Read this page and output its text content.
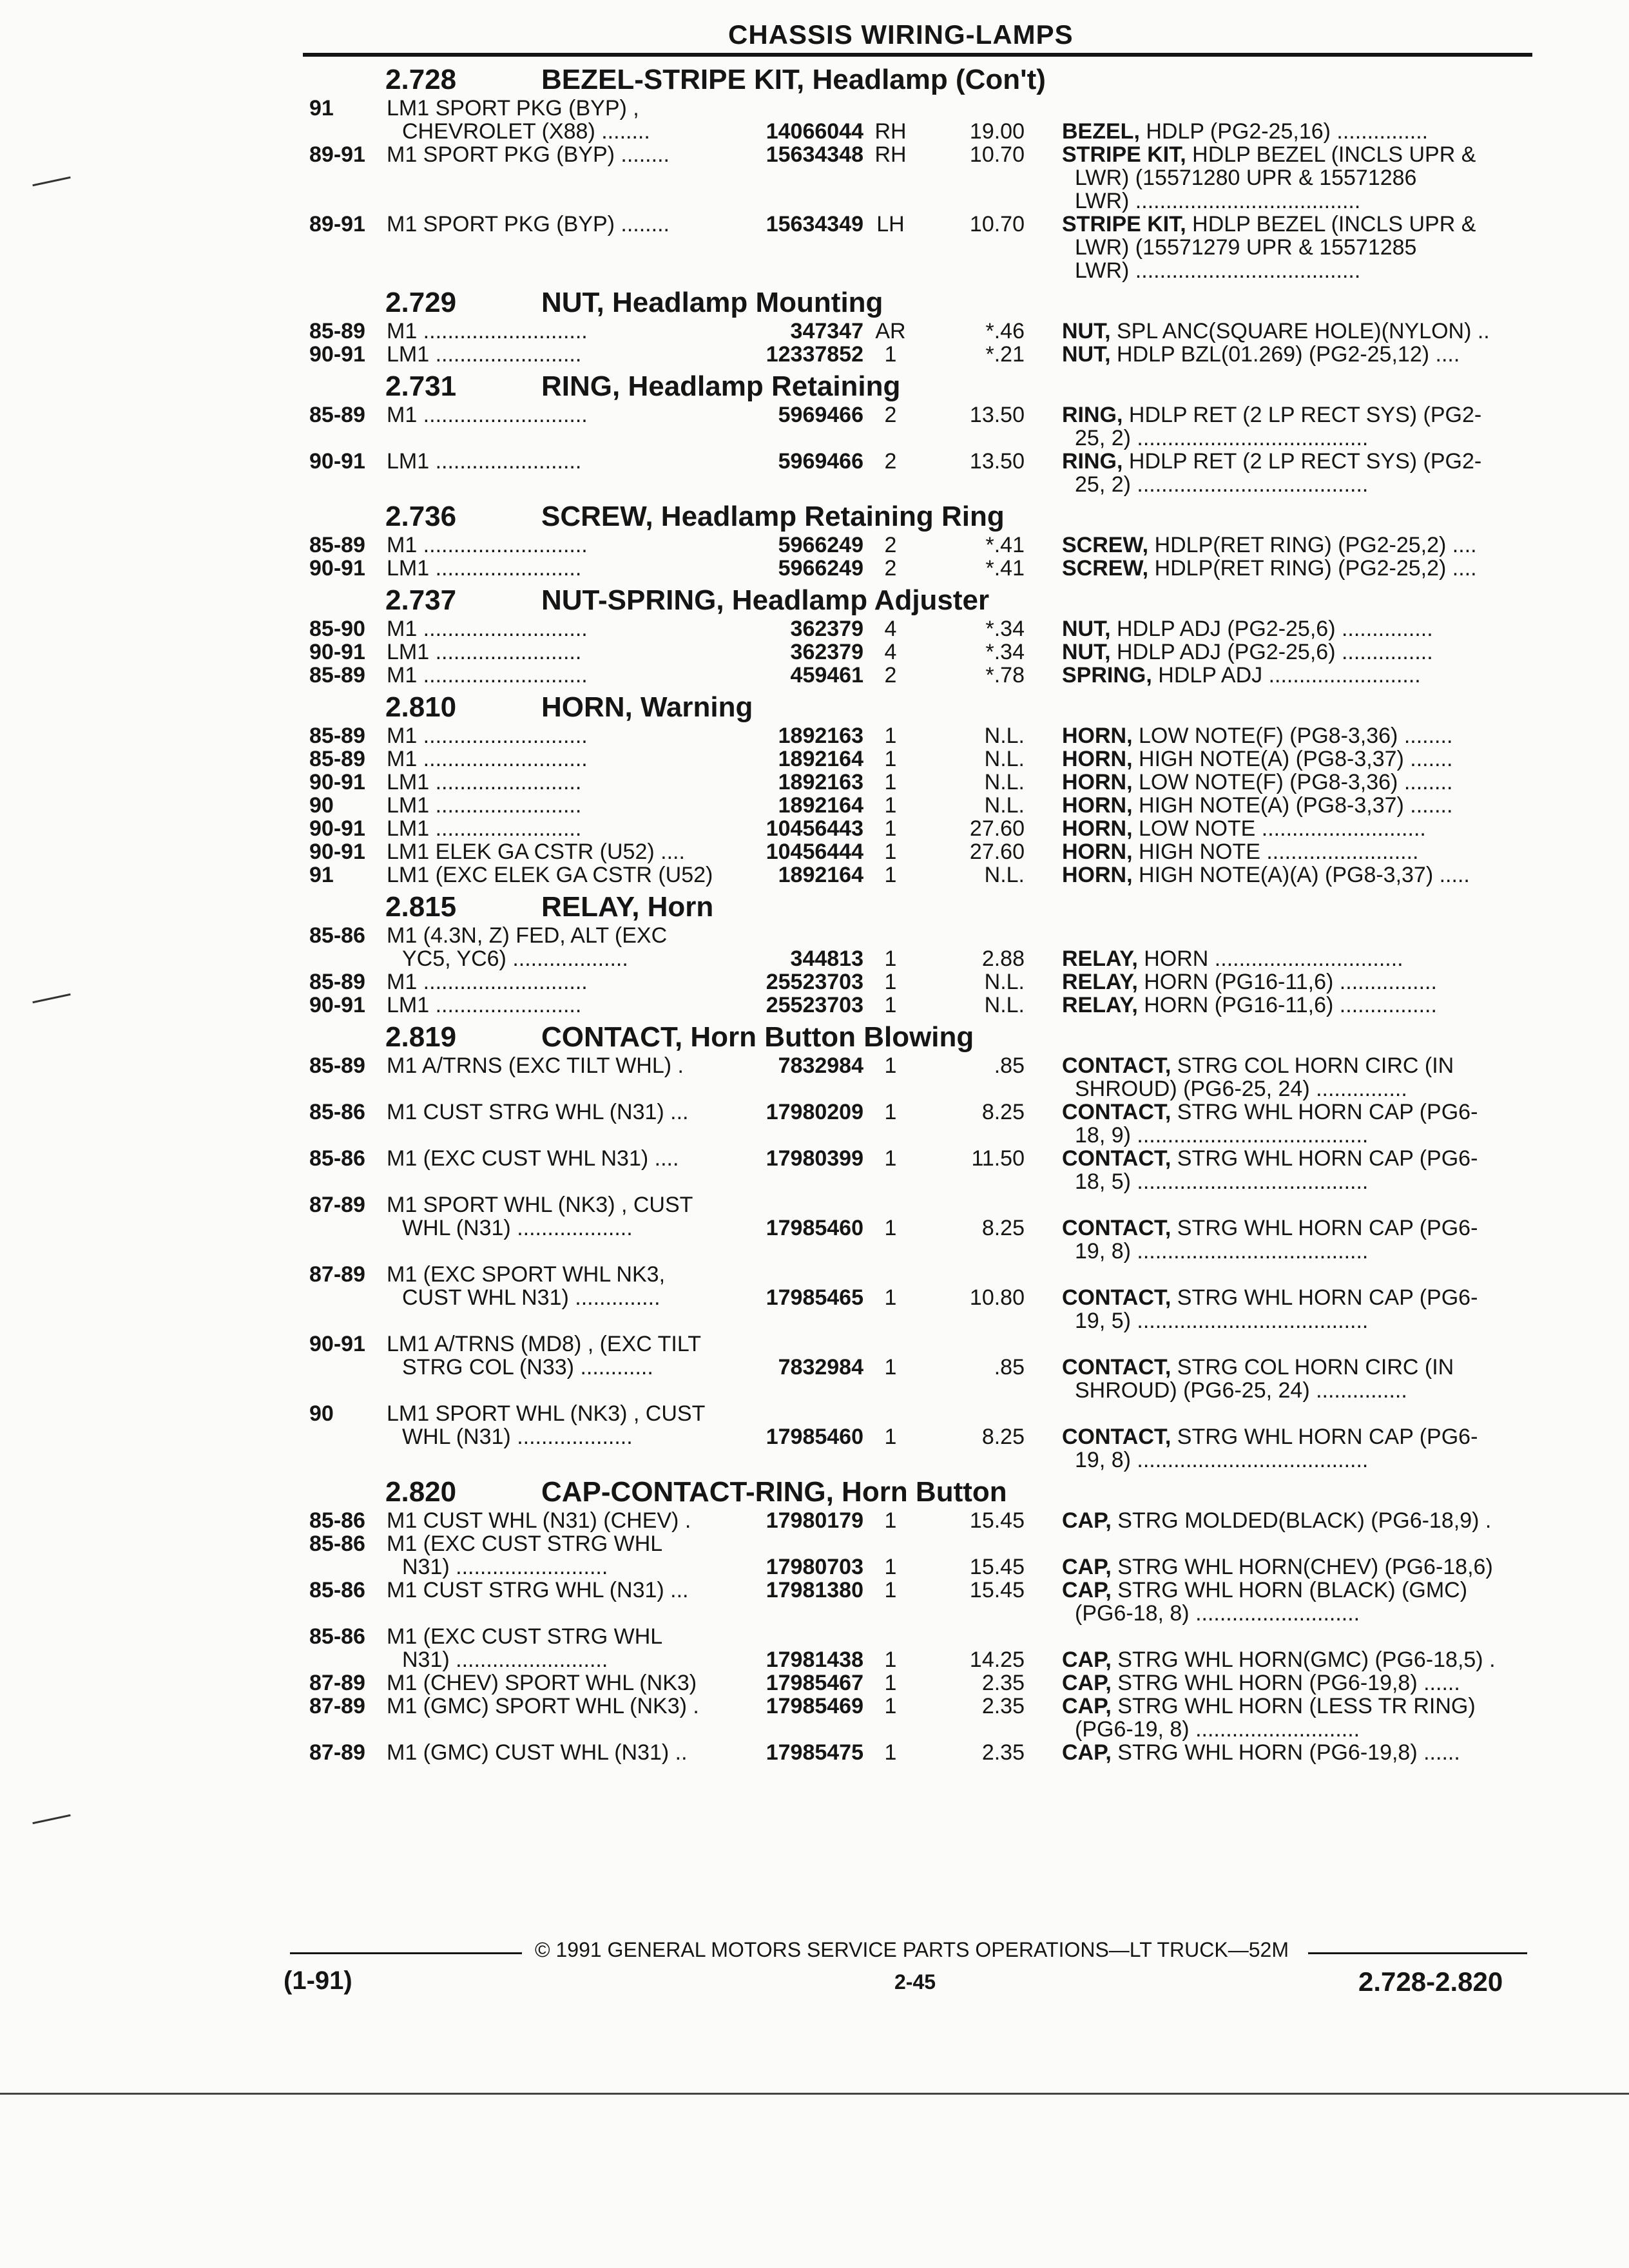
CHASSIS WIRING-LAMPS
2.728	BEZEL-STRIPE KIT, Headlamp (Con't)
91 LM1 SPORT PKG (BYP) ,
CHEVROLET (X88) ........	14066044 RH	19.00 BEZEL, HDLP (PG2-25,16) ...............
89-91 M1 SPORT PKG (BYP) ........	15634348 RH	10.70 STRIPE KIT, HDLP BEZEL (INCLS UPR &
LWR) (15571280 UPR & 15571286
LWR) .....................................
89-91 M1 SPORT PKG (BYP) ........	15634349 LH	10.70 STRIPE KIT, HDLP BEZEL (INCLS UPR &
LWR) (15571279 UPR & 15571285
LWR) .....................................
2.729	NUT, Headlamp Mounting
85-89 M1 ...........................	347347 AR	*.46 NUT, SPL ANC(SQUARE HOLE)(NYLON) ..
90-91 LM1 ........................	12337852 1	*.21 NUT, HDLP BZL(01.269) (PG2-25,12) ....
2.731	RING, Headlamp Retaining
85-89 M1 ...........................	5969466 2	13.50 RING, HDLP RET (2 LP RECT SYS) (PG2-
25, 2) ......................................
90-91 LM1 ........................	5969466 2	13.50 RING, HDLP RET (2 LP RECT SYS) (PG2-
25, 2) ......................................
2.736	SCREW, Headlamp Retaining Ring
85-89 M1 ...........................	5966249 2	*.41 SCREW, HDLP(RET RING) (PG2-25,2) ....
90-91 LM1 ........................	5966249 2	*.41 SCREW, HDLP(RET RING) (PG2-25,2) ....
2.737	NUT-SPRING, Headlamp Adjuster
85-90 M1 ...........................	362379 4	*.34 NUT, HDLP ADJ (PG2-25,6) ...............
90-91 LM1 ........................	362379 4	*.34 NUT, HDLP ADJ (PG2-25,6) ...............
85-89 M1 ...........................	459461 2	*.78 SPRING, HDLP ADJ .........................
2.810	HORN, Warning
85-89 M1 ...........................	1892163 1	N.L. HORN, LOW NOTE(F) (PG8-3,36) ........
85-89 M1 ...........................	1892164 1	N.L. HORN, HIGH NOTE(A) (PG8-3,37) .......
90-91 LM1 ........................	1892163 1	N.L. HORN, LOW NOTE(F) (PG8-3,36) ........
90 LM1 ........................	1892164 1	N.L. HORN, HIGH NOTE(A) (PG8-3,37) .......
90-91 LM1 ........................	10456443 1	27.60 HORN, LOW NOTE ...........................
90-91 LM1 ELEK GA CSTR (U52) ....	10456444 1	27.60 HORN, HIGH NOTE .........................
91 LM1 (EXC ELEK GA CSTR (U52)	1892164 1	N.L. HORN, HIGH NOTE(A)(A) (PG8-3,37) .....
2.815	RELAY, Horn
85-86 M1 (4.3N, Z) FED, ALT (EXC
YC5, YC6) ...................	344813 1	2.88 RELAY, HORN ...............................
85-89 M1 ...........................	25523703 1	N.L. RELAY, HORN (PG16-11,6) ................
90-91 LM1 ........................	25523703 1	N.L. RELAY, HORN (PG16-11,6) ................
2.819	CONTACT, Horn Button Blowing
85-89 M1 A/TRNS (EXC TILT WHL) .	7832984 1	.85 CONTACT, STRG COL HORN CIRC (IN
SHROUD) (PG6-25, 24) ...............
85-86 M1 CUST STRG WHL (N31) ...	17980209 1	8.25 CONTACT, STRG WHL HORN CAP (PG6-
18, 9) ......................................
85-86 M1 (EXC CUST WHL N31) ....	17980399 1	11.50 CONTACT, STRG WHL HORN CAP (PG6-
18, 5) ......................................
87-89 M1 SPORT WHL (NK3) , CUST
WHL (N31) ...................	17985460 1	8.25 CONTACT, STRG WHL HORN CAP (PG6-
19, 8) ......................................
87-89 M1 (EXC SPORT WHL NK3,
CUST WHL N31) ..............	17985465 1	10.80 CONTACT, STRG WHL HORN CAP (PG6-
19, 5) ......................................
90-91 LM1 A/TRNS (MD8) , (EXC TILT
STRG COL (N33) ............	7832984 1	.85 CONTACT, STRG COL HORN CIRC (IN
SHROUD) (PG6-25, 24) ...............
90 LM1 SPORT WHL (NK3) , CUST
WHL (N31) ...................	17985460 1	8.25 CONTACT, STRG WHL HORN CAP (PG6-
19, 8) ......................................
2.820	CAP-CONTACT-RING, Horn Button
85-86 M1 CUST WHL (N31) (CHEV) .	17980179 1	15.45 CAP, STRG MOLDED(BLACK) (PG6-18,9) .
85-86 M1 (EXC CUST STRG WHL
N31) .........................	17980703 1	15.45 CAP, STRG WHL HORN(CHEV) (PG6-18,6)
85-86 M1 CUST STRG WHL (N31) ...	17981380 1	15.45 CAP, STRG WHL HORN (BLACK) (GMC)
(PG6-18, 8) ...........................
85-86 M1 (EXC CUST STRG WHL
N31) .........................	17981438 1	14.25 CAP, STRG WHL HORN(GMC) (PG6-18,5) .
87-89 M1 (CHEV) SPORT WHL (NK3)	17985467 1	2.35 CAP, STRG WHL HORN (PG6-19,8) ......
87-89 M1 (GMC) SPORT WHL (NK3) .	17985469 1	2.35 CAP, STRG WHL HORN (LESS TR RING)
(PG6-19, 8) ...........................
87-89 M1 (GMC) CUST WHL (N31) ..	17985475 1	2.35 CAP, STRG WHL HORN (PG6-19,8) ......
© 1991 GENERAL MOTORS SERVICE PARTS OPERATIONS—LT TRUCK—52M
(1-91)	2-45	2.728-2.820
